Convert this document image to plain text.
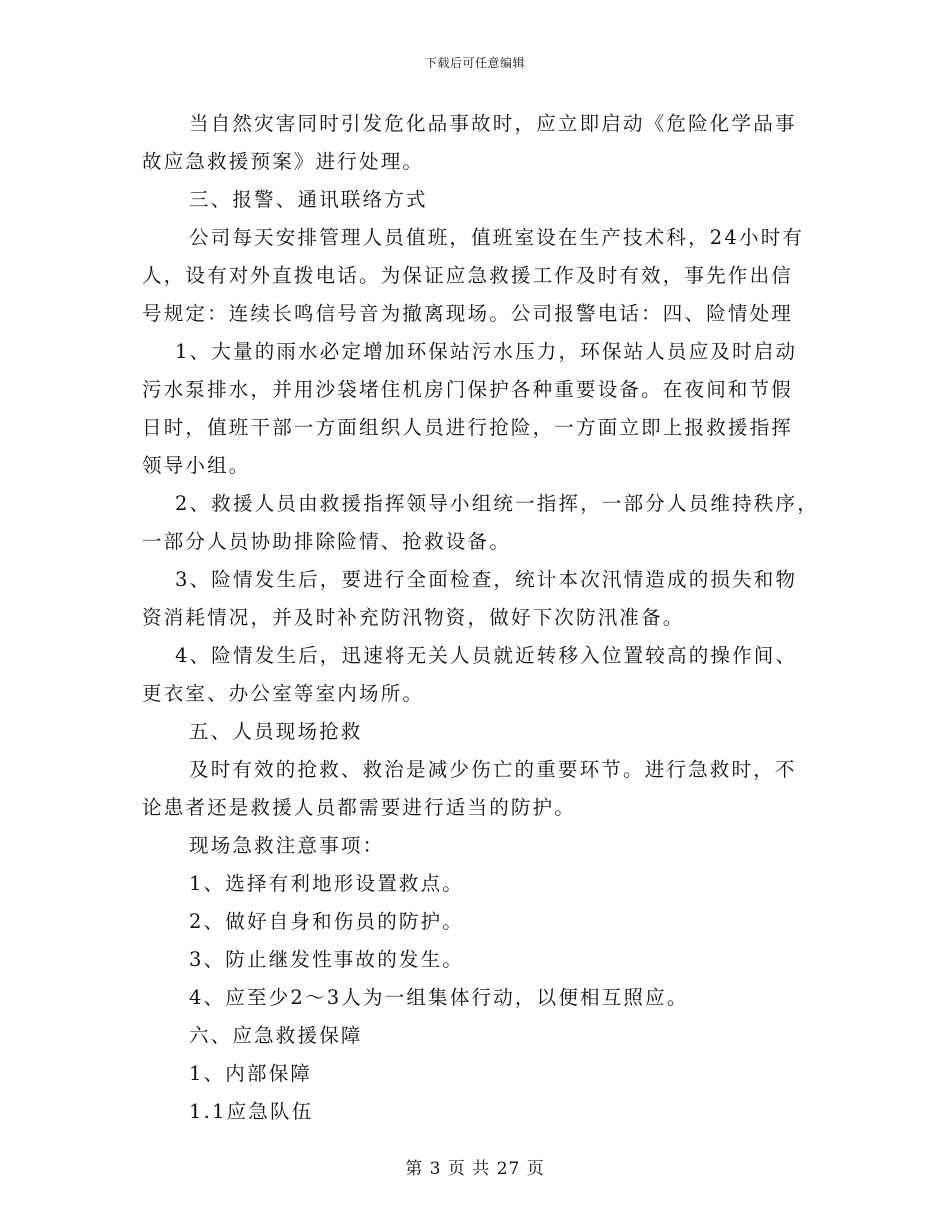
下载后可任意编辑
当自然灾害同时引发危化品事故时，应立即启动《危险化学品事
故应急救援预案》进行处理。
三、报警、通讯联络方式
公司每天安排管理人员值班，值班室设在生产技术科，24小时有
人，设有对外直拨电话。为保证应急救援工作及时有效，事先作出信
号规定：连续长鸣信号音为撤离现场。公司报警电话：四、险情处理
1、大量的雨水必定增加环保站污水压力，环保站人员应及时启动
污水泵排水，并用沙袋堵住机房门保护各种重要设备。在夜间和节假
日时，值班干部一方面组织人员进行抢险，一方面立即上报救援指挥
领导小组。
2、救援人员由救援指挥领导小组统一指挥，一部分人员维持秩序，
一部分人员协助排除险情、抢救设备。
3、险情发生后，要进行全面检查，统计本次汛情造成的损失和物
资消耗情况，并及时补充防汛物资，做好下次防汛准备。
4、险情发生后，迅速将无关人员就近转移入位置较高的操作间、
更衣室、办公室等室内场所。
五、人员现场抢救
及时有效的抢救、救治是减少伤亡的重要环节。进行急救时，不
论患者还是救援人员都需要进行适当的防护。
现场急救注意事项：
1、选择有利地形设置救点。
2、做好自身和伤员的防护。
3、防止继发性事故的发生。
4、应至少2～3人为一组集体行动，以便相互照应。
六、应急救援保障
1、内部保障
1.1应急队伍
第 3 页 共 27 页
